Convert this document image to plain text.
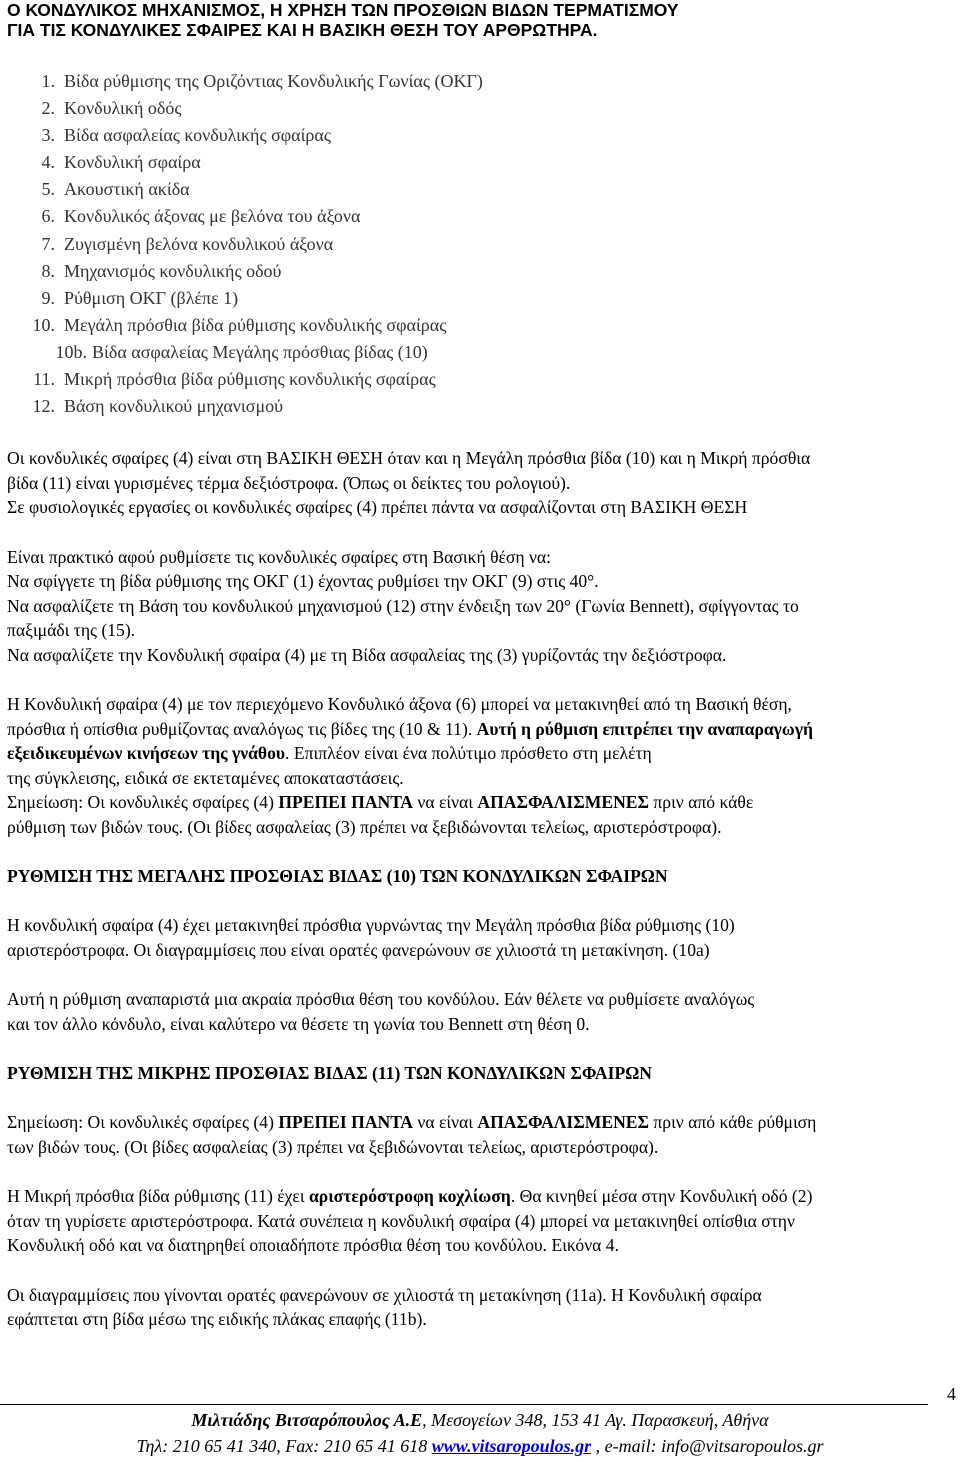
Ο ΚΟΝΔΥΛΙΚΟΣ ΜΗΧΑΝΙΣΜΟΣ, Η ΧΡΗΣΗ ΤΩΝ ΠΡΟΣΘΙΩΝ ΒΙΔΩΝ ΤΕΡΜΑΤΙΣΜΟΥ
ΓΙΑ ΤΙΣ ΚΟΝΔΥΛΙΚΕΣ ΣΦΑΙΡΕΣ ΚΑΙ Η ΒΑΣΙΚΗ ΘΕΣΗ ΤΟΥ ΑΡΘΡΩΤΗΡΑ.
1. Βίδα ρύθμισης της Οριζόντιας Κονδυλικής Γωνίας (ΟΚΓ)
2. Κονδυλική οδός
3. Βίδα ασφαλείας κονδυλικής σφαίρας
4. Κονδυλική σφαίρα
5. Ακουστική ακίδα
6. Κονδυλικός άξονας με βελόνα του άξονα
7. Ζυγισμένη βελόνα κονδυλικού άξονα
8. Μηχανισμός κονδυλικής οδού
9. Ρύθμιση ΟΚΓ (βλέπε 1)
10. Μεγάλη πρόσθια βίδα ρύθμισης κονδυλικής σφαίρας
10b. Βίδα ασφαλείας Μεγάλης πρόσθιας βίδας (10)
11. Μικρή πρόσθια βίδα ρύθμισης κονδυλικής σφαίρας
12. Βάση κονδυλικού μηχανισμού

Οι κονδυλικές σφαίρες (4) είναι στη ΒΑΣΙΚΗ ΘΕΣΗ όταν και η Μεγάλη πρόσθια βίδα (10) και η Μικρή πρόσθια

βίδα (11) είναι γυρισμένες τέρμα δεξιόστροφα. (Όπως οι δείκτες του ρολογιού).

Σε φυσιολογικές εργασίες οι κονδυλικές σφαίρες (4) πρέπει πάντα να ασφαλίζονται στη ΒΑΣΙΚΗ ΘΕΣΗ

Είναι πρακτικό αφού ρυθμίσετε τις κονδυλικές σφαίρες στη Βασική θέση να:

Να σφίγγετε τη βίδα ρύθμισης της ΟΚΓ (1) έχοντας ρυθμίσει την ΟΚΓ (9) στις 40°.

Να ασφαλίζετε τη Βάση του κονδυλικού μηχανισμού (12) στην ένδειξη των 20° (Γωνία Bennett), σφίγγοντας το

παξιμάδι της (15).

Να ασφαλίζετε την Κονδυλική σφαίρα (4) με τη Βίδα ασφαλείας της (3) γυρίζοντάς την δεξιόστροφα.

Η Κονδυλική σφαίρα (4) με τον περιεχόμενο Κονδυλικό άξονα (6) μπορεί να μετακινηθεί από τη Βασική θέση,

πρόσθια ή οπίσθια ρυθμίζοντας αναλόγως τις βίδες της (10 & 11). Αυτή η ρύθμιση επιτρέπει την αναπαραγωγή

εξειδικευμένων κινήσεων της γνάθου. Επιπλέον είναι ένα πολύτιμο πρόσθετο στη μελέτη

της σύγκλεισης, ειδικά σε εκτεταμένες αποκαταστάσεις.

Σημείωση: Οι κονδυλικές σφαίρες (4) ΠΡΕΠΕΙ ΠΑΝΤΑ να είναι ΑΠΑΣΦΑΛΙΣΜΕΝΕΣ πριν από κάθε

ρύθμιση των βιδών τους. (Οι βίδες ασφαλείας (3) πρέπει να ξεβιδώνονται τελείως, αριστερόστροφα).

ΡΥΘΜΙΣΗ ΤΗΣ ΜΕΓΑΛΗΣ ΠΡΟΣΘΙΑΣ ΒΙΔΑΣ (10) ΤΩΝ ΚΟΝΔΥΛΙΚΩΝ ΣΦΑΙΡΩΝ

Η κονδυλική σφαίρα (4) έχει μετακινηθεί πρόσθια γυρνώντας την Μεγάλη πρόσθια βίδα ρύθμισης (10)

αριστερόστροφα. Οι διαγραμμίσεις που είναι ορατές φανερώνουν σε χιλιοστά τη μετακίνηση. (10a)

Αυτή η ρύθμιση αναπαριστά μια ακραία πρόσθια θέση του κονδύλου. Εάν θέλετε να ρυθμίσετε αναλόγως

και τον άλλο κόνδυλο, είναι καλύτερο να θέσετε τη γωνία του Bennett στη θέση 0.

ΡΥΘΜΙΣΗ ΤΗΣ ΜΙΚΡΗΣ ΠΡΟΣΘΙΑΣ ΒΙΔΑΣ (11) ΤΩΝ ΚΟΝΔΥΛΙΚΩΝ ΣΦΑΙΡΩΝ

Σημείωση: Οι κονδυλικές σφαίρες (4) ΠΡΕΠΕΙ ΠΑΝΤΑ να είναι ΑΠΑΣΦΑΛΙΣΜΕΝΕΣ πριν από κάθε ρύθμιση

των βιδών τους. (Οι βίδες ασφαλείας (3) πρέπει να ξεβιδώνονται τελείως, αριστερόστροφα).

Η Μικρή πρόσθια βίδα ρύθμισης (11) έχει αριστερόστροφη κοχλίωση. Θα κινηθεί μέσα στην Κονδυλική οδό (2)

όταν τη γυρίσετε αριστερόστροφα. Κατά συνέπεια η κονδυλική σφαίρα (4) μπορεί να μετακινηθεί οπίσθια στην

Κονδυλική οδό και να διατηρηθεί οποιαδήποτε πρόσθια θέση του κονδύλου. Εικόνα 4.

Οι διαγραμμίσεις που γίνονται ορατές φανερώνουν σε χιλιοστά τη μετακίνηση (11a). Η Κονδυλική σφαίρα

εφάπτεται στη βίδα μέσω της ειδικής πλάκας επαφής (11b).

4
Μιλτιάδης Βιτσαρόπουλος Α.Ε, Μεσογείων 348, 153 41 Αγ. Παρασκευή, Αθήνα
Τηλ: 210 65 41 340, Fax: 210 65 41 618 www.vitsaropoulos.gr , e-mail: info@vitsaropoulos.gr
